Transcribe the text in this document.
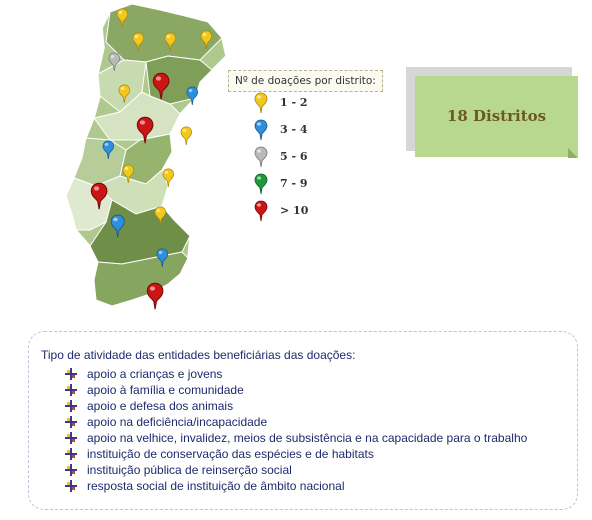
Nº de doações por distrito:
1 - 2
3 - 4
5 - 6
7 - 9
> 10
18 Distritos
Tipo de atividade das entidades beneficiárias das doações:
apoio a crianças e jovens
apoio à família e comunidade
apoio e defesa dos animais
apoio na deficiência/incapacidade
apoio na velhice, invalidez, meios de subsistência e na capacidade para o trabalho
instituição de conservação das espécies e de habitats
instituição pública de reinserção social
resposta social de instituição de âmbito nacional
